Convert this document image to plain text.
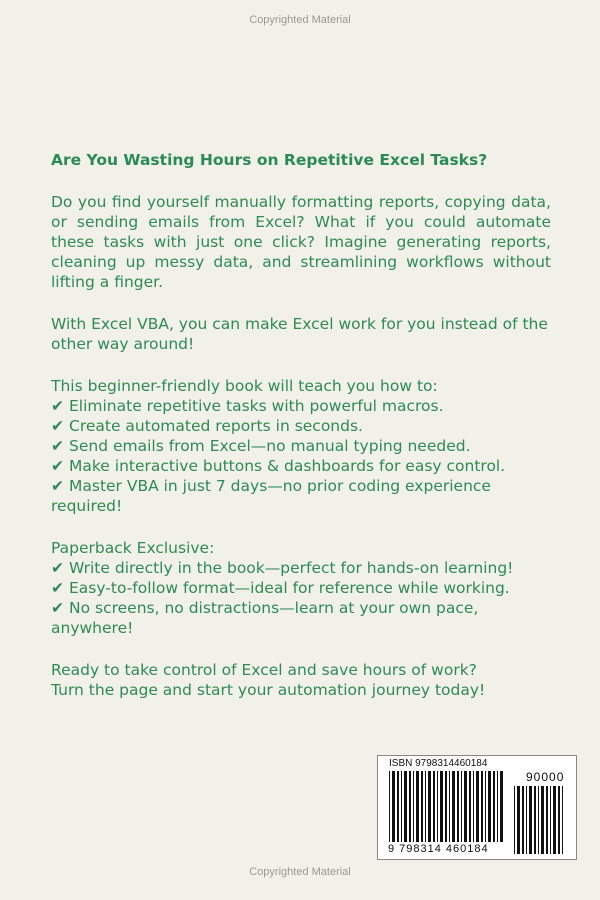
Copyrighted Material
Are You Wasting Hours on Repetitive Excel Tasks?
Do you find yourself manually formatting reports, copying data, or sending emails from Excel? What if you could automate these tasks with just one click? Imagine generating reports, cleaning up messy data, and streamlining workflows without lifting a finger.
With Excel VBA, you can make Excel work for you instead of the other way around!
This beginner-friendly book will teach you how to:
✔ Eliminate repetitive tasks with powerful macros.
✔ Create automated reports in seconds.
✔ Send emails from Excel—no manual typing needed.
✔ Make interactive buttons & dashboards for easy control.
✔ Master VBA in just 7 days—no prior coding experience required!
Paperback Exclusive:
✔ Write directly in the book—perfect for hands-on learning!
✔ Easy-to-follow format—ideal for reference while working.
✔ No screens, no distractions—learn at your own pace, anywhere!
Ready to take control of Excel and save hours of work?
Turn the page and start your automation journey today!
ISBN 9798314460184
90000
9 798314 460184
Copyrighted Material
